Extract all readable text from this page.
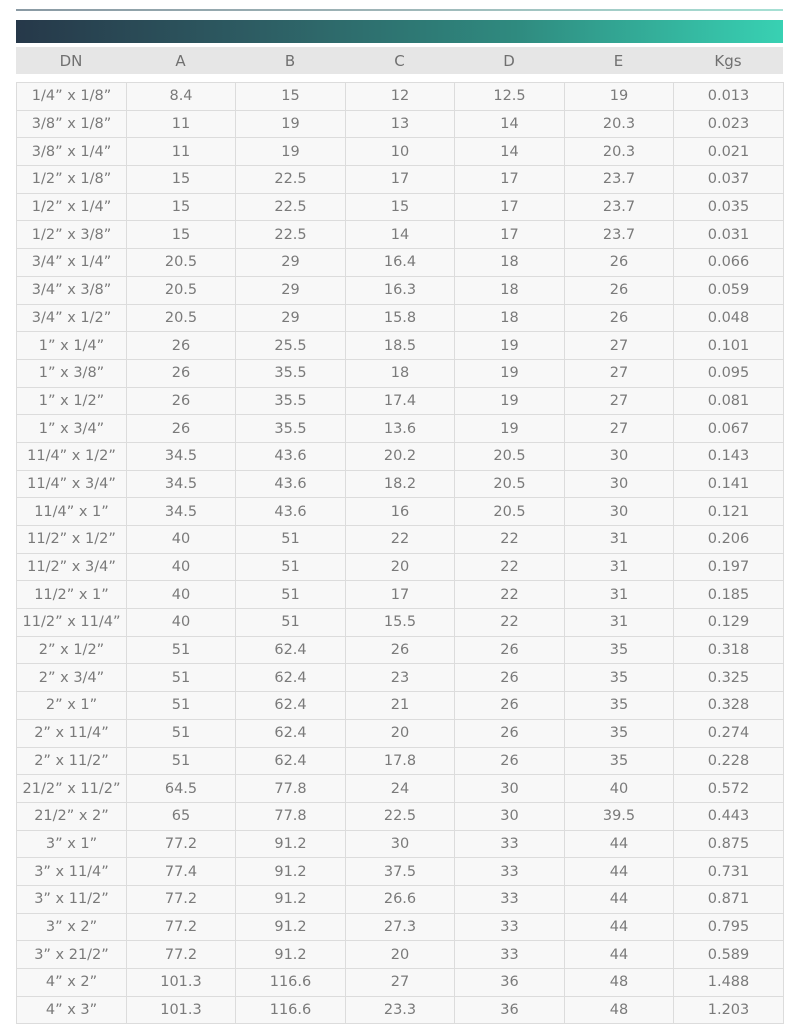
DN	A	B	C	D	E	Kgs
1/4” x 1/8”	8.4	15	12	12.5	19	0.013
3/8” x 1/8”	11	19	13	14	20.3	0.023
3/8” x 1/4”	11	19	10	14	20.3	0.021
1/2” x 1/8”	15	22.5	17	17	23.7	0.037
1/2” x 1/4”	15	22.5	15	17	23.7	0.035
1/2” x 3/8”	15	22.5	14	17	23.7	0.031
3/4” x 1/4”	20.5	29	16.4	18	26	0.066
3/4” x 3/8”	20.5	29	16.3	18	26	0.059
3/4” x 1/2”	20.5	29	15.8	18	26	0.048
1” x 1/4”	26	25.5	18.5	19	27	0.101
1” x 3/8”	26	35.5	18	19	27	0.095
1” x 1/2”	26	35.5	17.4	19	27	0.081
1” x 3/4”	26	35.5	13.6	19	27	0.067
11/4” x 1/2”	34.5	43.6	20.2	20.5	30	0.143
11/4” x 3/4”	34.5	43.6	18.2	20.5	30	0.141
11/4” x 1”	34.5	43.6	16	20.5	30	0.121
11/2” x 1/2”	40	51	22	22	31	0.206
11/2” x 3/4”	40	51	20	22	31	0.197
11/2” x 1”	40	51	17	22	31	0.185
11/2” x 11/4”	40	51	15.5	22	31	0.129
2” x 1/2”	51	62.4	26	26	35	0.318
2” x 3/4”	51	62.4	23	26	35	0.325
2” x 1”	51	62.4	21	26	35	0.328
2” x 11/4”	51	62.4	20	26	35	0.274
2” x 11/2”	51	62.4	17.8	26	35	0.228
21/2” x 11/2”	64.5	77.8	24	30	40	0.572
21/2” x 2”	65	77.8	22.5	30	39.5	0.443
3” x 1”	77.2	91.2	30	33	44	0.875
3” x 11/4”	77.4	91.2	37.5	33	44	0.731
3” x 11/2”	77.2	91.2	26.6	33	44	0.871
3” x 2”	77.2	91.2	27.3	33	44	0.795
3” x 21/2”	77.2	91.2	20	33	44	0.589
4” x 2”	101.3	116.6	27	36	48	1.488
4” x 3”	101.3	116.6	23.3	36	48	1.203
